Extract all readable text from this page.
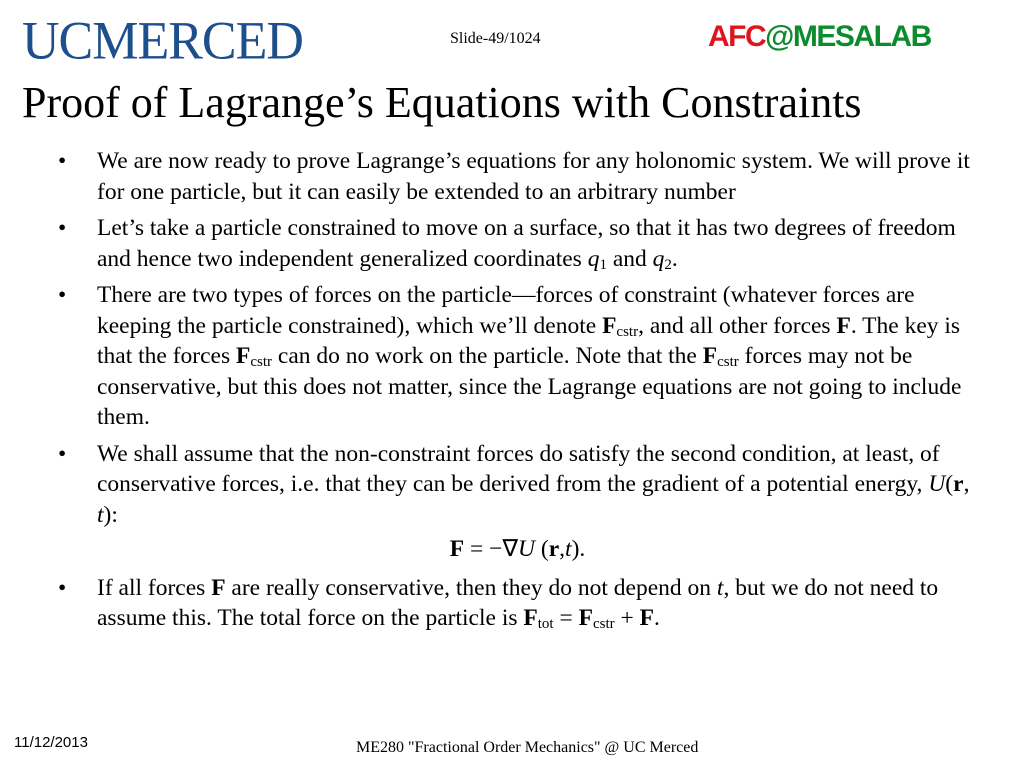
UCMERCED	Slide-49/1024	AFC@MESALAB
Proof of Lagrange’s Equations with Constraints
• We are now ready to prove Lagrange’s equations for any holonomic system. We will prove it for one particle, but it can easily be extended to an arbitrary number
• Let’s take a particle constrained to move on a surface, so that it has two degrees of freedom and hence two independent generalized coordinates $q_1$ and $q_2$.
• There are two types of forces on the particle—forces of constraint (whatever forces are keeping the particle constrained), which we’ll denote $F_{cstr}$, and all other forces F. The key is that the forces $F_{cstr}$ can do no work on the particle. Note that the $F_{cstr}$ forces may not be conservative, but this does not matter, since the Lagrange equations are not going to include them.
• We shall assume that the non-constraint forces do satisfy the second condition, at least, of conservative forces, i.e. that they can be derived from the gradient of a potential energy, U(r, t):
F = −∇U (r,t).
• If all forces F are really conservative, then they do not depend on t, but we do not need to assume this. The total force on the particle is $F_{tot} = F_{cstr} + F$.
11/12/2013	ME280 "Fractional Order Mechanics" @ UC Merced
